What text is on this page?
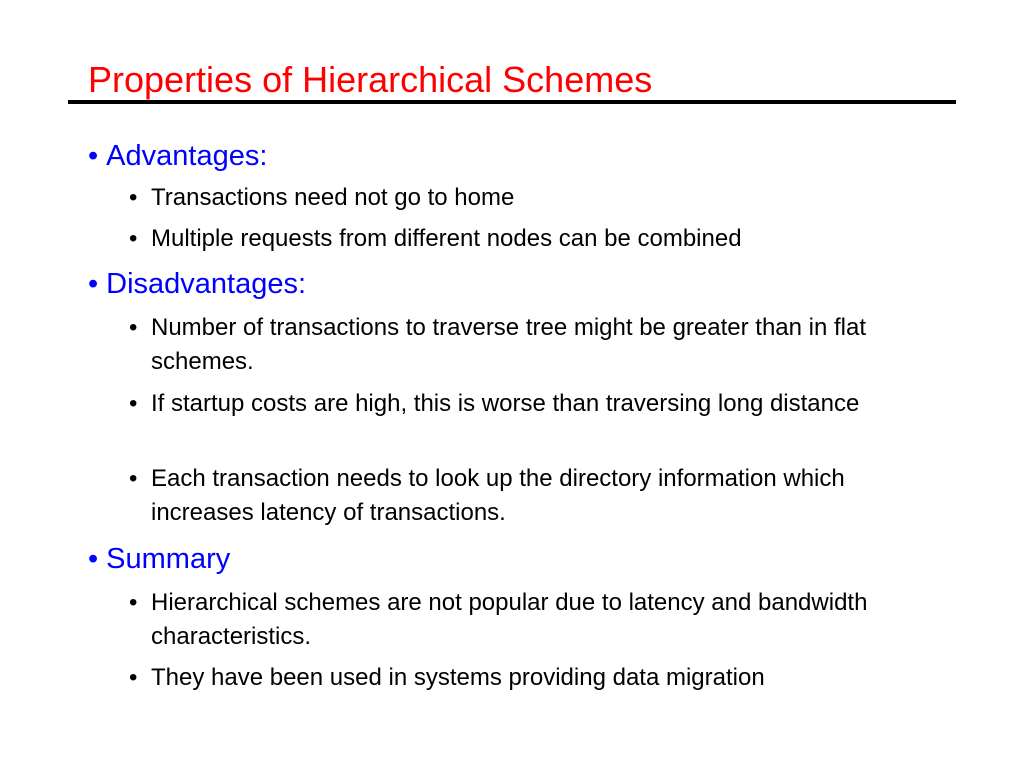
Properties of Hierarchical Schemes
• Advantages:
• Transactions need not go to home
• Multiple requests from different nodes can be combined
• Disadvantages:
• Number of transactions to traverse tree might be greater than in flat schemes.
• If startup costs are high, this is worse than traversing long distance
• Each transaction needs to look up the directory information which increases latency of transactions.
• Summary
• Hierarchical schemes are not popular due to latency and bandwidth characteristics.
• They have been used in systems providing data migration
